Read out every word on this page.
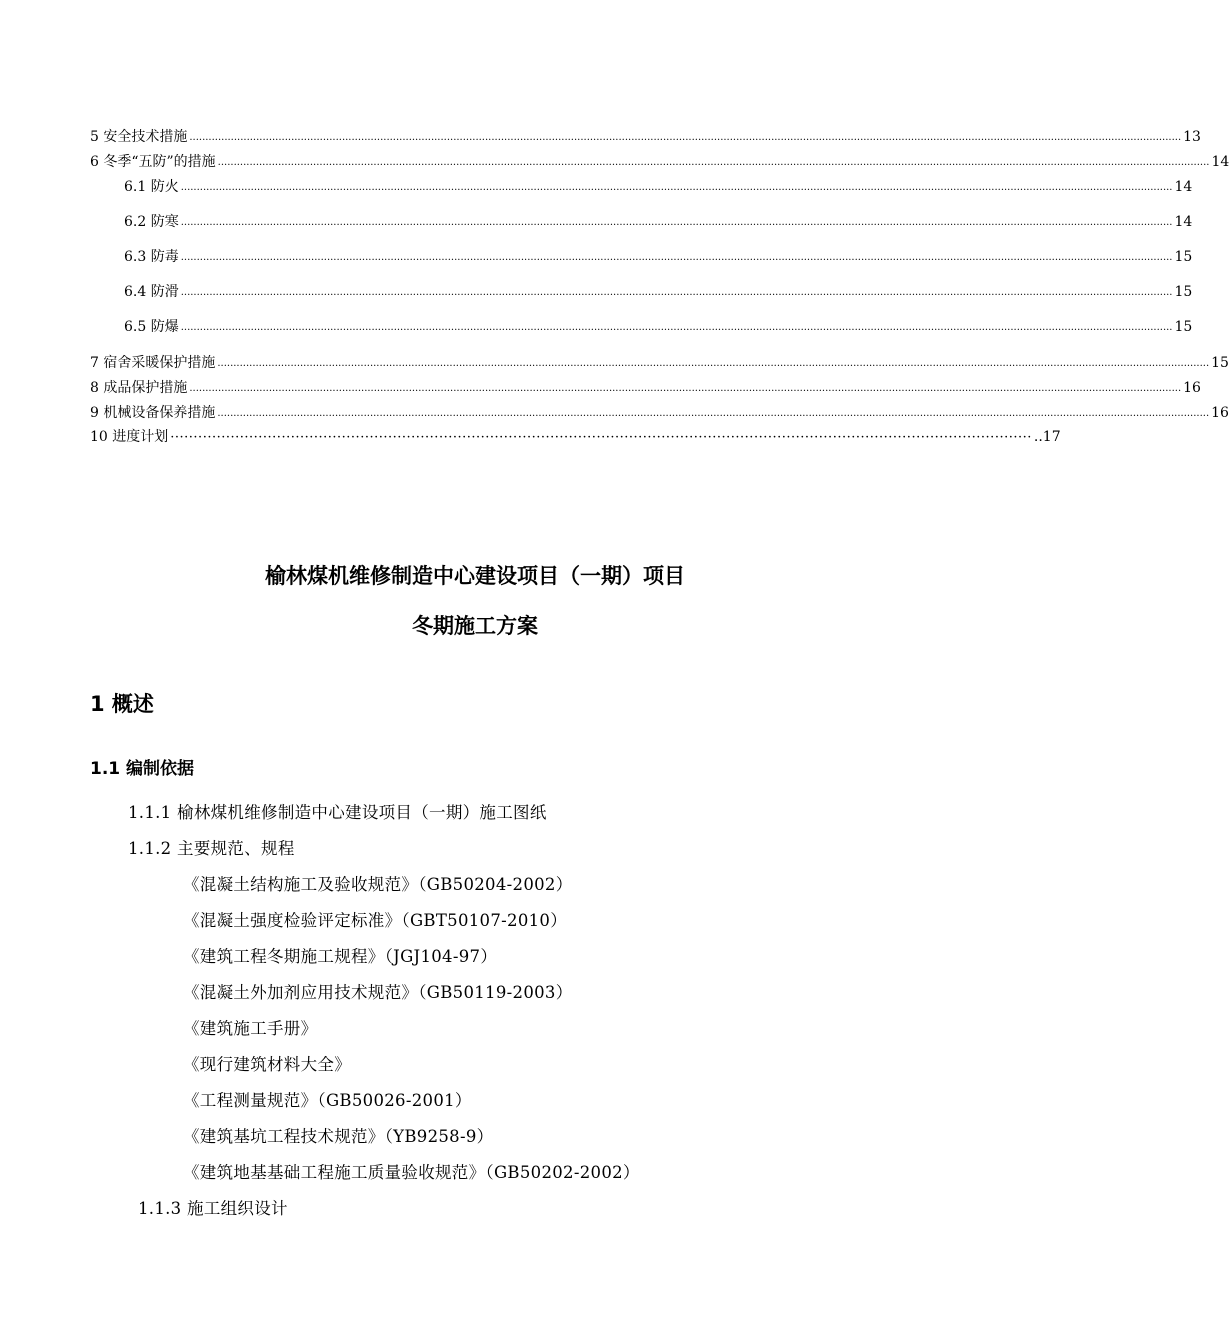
5 安全技术措施 ........................................................................................................................................................................................................................................................................................................................ 13
6 冬季“五防”的措施 ........................................................................................................................................................................................................................................................................................................................ 14
6.1 防火 ........................................................................................................................................................................................................................................................................................................................ 14
6.2 防寒 ........................................................................................................................................................................................................................................................................................................................ 14
6.3 防毒 ........................................................................................................................................................................................................................................................................................................................ 15
6.4 防滑 ........................................................................................................................................................................................................................................................................................................................ 15
6.5 防爆 ........................................................................................................................................................................................................................................................................................................................ 15
7 宿舍采暖保护措施 ........................................................................................................................................................................................................................................................................................................................ 15
8 成品保护措施 ........................................................................................................................................................................................................................................................................................................................ 16
9 机械设备保养措施 ........................................................................................................................................................................................................................................................................................................................ 16
10 进度计划 ·························································································································································································· ..17
榆林煤机维修制造中心建设项目（一期）项目
冬期施工方案
1 概述
1.1 编制依据
1.1.1 榆林煤机维修制造中心建设项目（一期）施工图纸
1.1.2 主要规范、规程
《混凝土结构施工及验收规范》（GB50204-2002）
《混凝土强度检验评定标准》（GBT50107-2010）
《建筑工程冬期施工规程》（JGJ104-97）
《混凝土外加剂应用技术规范》（GB50119-2003）
《建筑施工手册》
《现行建筑材料大全》
《工程测量规范》（GB50026-2001）
《建筑基坑工程技术规范》（YB9258-9）
《建筑地基基础工程施工质量验收规范》（GB50202-2002）
1.1.3 施工组织设计
